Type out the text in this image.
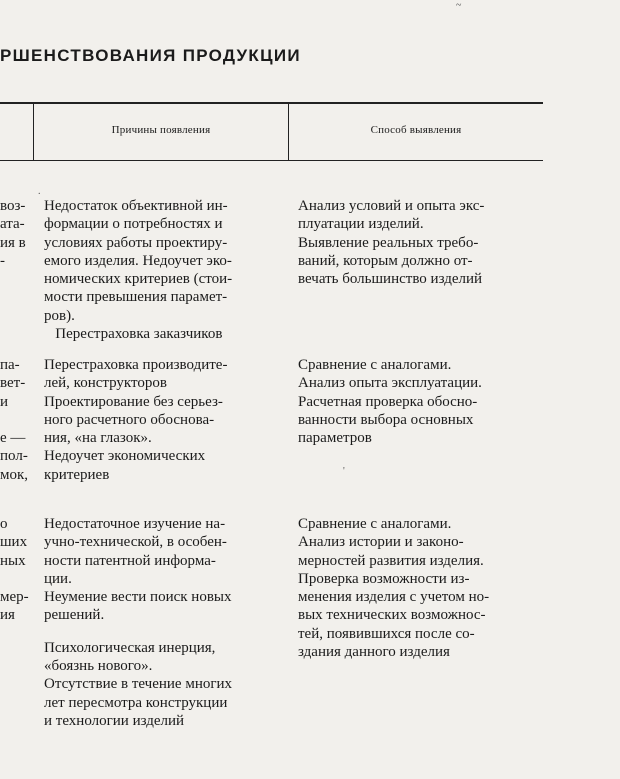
~
РШЕНСТВОВАНИЯ ПРОДУКЦИИ
Причины появления	Способ выявления
воз-
ата-
ия в
-
па-
вет-
и

е —
пол-
мок,
о
ших
ных

мер-
ия
Недостаток объективной ин-
формации о потребностях и
условиях работы проектиру-
емого изделия. Недоучет эко-
номических критериев (стои-
мости превышения парамет-
ров).
Перестраховка заказчиков
Анализ условий и опыта экс-
плуатации изделий.
Выявление реальных требо-
ваний, которым должно от-
вечать большинство изделий
Перестраховка производите-
лей, конструкторов
Проектирование без серьез-
ного расчетного обоснова-
ния, «на глазок».
Недоучет экономических
критериев
Сравнение с аналогами.
Анализ опыта эксплуатации.
Расчетная проверка обосно-
ванности выбора основных
параметров
Недостаточное изучение на-
учно-технической, в особен-
ности патентной информа-
ции.
Неумение вести поиск новых
решений.

Психологическая инерция,
«боязнь нового».
Отсутствие в течение многих
лет пересмотра конструкции
и технологии изделий
Сравнение с аналогами.
Анализ истории и законо-
мерностей развития изделия.
Проверка возможности из-
менения изделия с учетом но-
вых технических возможнос-
тей, появившихся после со-
здания данного изделия
.
'
